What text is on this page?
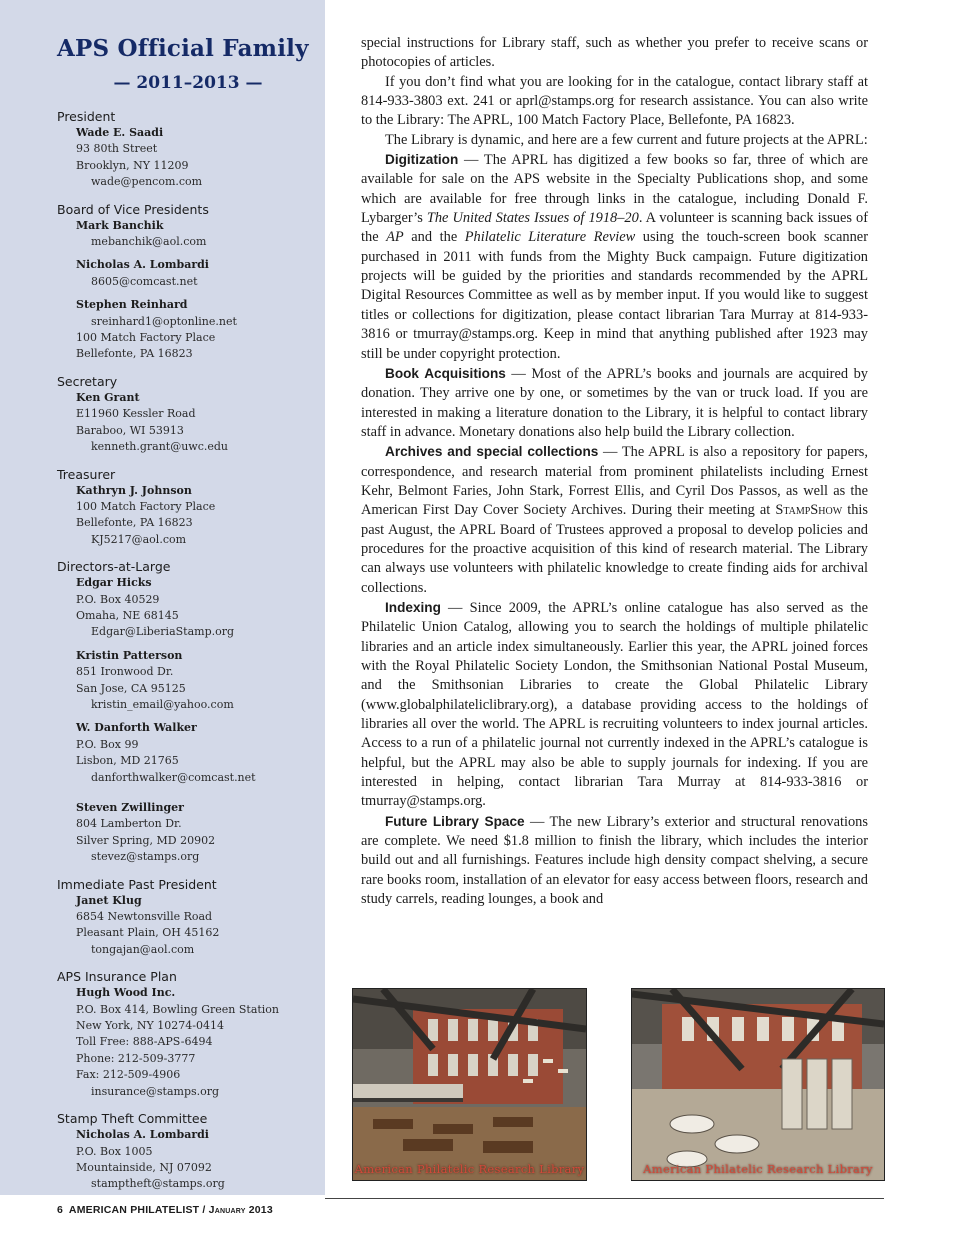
APS Official Family
— 2011–2013 —
President
Wade E. Saadi
93 80th Street
Brooklyn, NY 11209
wade@pencom.com
Board of Vice Presidents
Mark Banchik
mebanchik@aol.com
Nicholas A. Lombardi
8605@comcast.net
Stephen Reinhard
sreinhard1@optonline.net
100 Match Factory Place
Bellefonte, PA 16823
Secretary
Ken Grant
E11960 Kessler Road
Baraboo, WI 53913
kenneth.grant@uwc.edu
Treasurer
Kathryn J. Johnson
100 Match Factory Place
Bellefonte, PA 16823
KJ5217@aol.com
Directors-at-Large
Edgar Hicks
P.O. Box 40529
Omaha, NE 68145
Edgar@LiberiaStamp.org
Kristin Patterson
851 Ironwood Dr.
San Jose, CA 95125
kristin_email@yahoo.com
W. Danforth Walker
P.O. Box 99
Lisbon, MD 21765
danforthwalker@comcast.net
Steven Zwillinger
804 Lamberton Dr.
Silver Spring, MD 20902
stevez@stamps.org
Immediate Past President
Janet Klug
6854 Newtonsville Road
Pleasant Plain, OH 45162
tongajan@aol.com
APS Insurance Plan
Hugh Wood Inc.
P.O. Box 414, Bowling Green Station
New York, NY 10274-0414
Toll Free: 888-APS-6494
Phone: 212-509-3777
Fax: 212-509-4906
insurance@stamps.org
Stamp Theft Committee
Nicholas A. Lombardi
P.O. Box 1005
Mountainside, NJ 07092
stamptheft@stamps.org

special instructions for Library staff, such as whether you prefer to receive scans or photocopies of articles.

If you don’t find what you are looking for in the catalogue, contact library staff at 814-933-3803 ext. 241 or aprl@stamps.org for research assistance. You can also write to the Library: The APRL, 100 Match Factory Place, Bellefonte, PA 16823.

The Library is dynamic, and here are a few current and future projects at the APRL:

Digitization — The APRL has digitized a few books so far, three of which are available for sale on the APS website in the Specialty Publications shop, and some which are available for free through links in the catalogue, including Donald F. Lybarger’s The United States Issues of 1918–20. A volunteer is scanning back issues of the AP and the Philatelic Literature Review using the touch-screen book scanner purchased in 2011 with funds from the Mighty Buck campaign. Future digitization projects will be guided by the priorities and standards recommended by the APRL Digital Resources Committee as well as by member input. If you would like to suggest titles or collections for digitization, please contact librarian Tara Murray at 814-933-3816 or tmurray@stamps.org. Keep in mind that anything published after 1923 may still be under copyright protection.

Book Acquisitions — Most of the APRL’s books and journals are acquired by donation. They arrive one by one, or sometimes by the van or truck load. If you are interested in making a literature donation to the Library, it is helpful to contact library staff in advance. Monetary donations also help build the Library collection.

Archives and special collections — The APRL is also a repository for papers, correspondence, and research material from prominent philatelists including Ernest Kehr, Belmont Faries, John Stark, Forrest Ellis, and Cyril Dos Passos, as well as the American First Day Cover Society Archives. During their meeting at StampShow this past August, the APRL Board of Trustees approved a proposal to develop policies and procedures for the proactive acquisition of this kind of research material. The Library can always use volunteers with philatelic knowledge to create finding aids for archival collections.

Indexing — Since 2009, the APRL’s online catalogue has also served as the Philatelic Union Catalog, allowing you to search the holdings of multiple philatelic libraries and an article index simultaneously. Earlier this year, the APRL joined forces with the Royal Philatelic Society London, the Smithsonian National Postal Museum, and the Smithsonian Libraries to create the Global Philatelic Library (www.globalphilateliclibrary.org), a database providing access to the holdings of libraries all over the world. The APRL is recruiting volunteers to index journal articles. Access to a run of a philatelic journal not currently indexed in the APRL’s catalogue is helpful, but the APRL may also be able to supply journals for indexing. If you are interested in helping, contact librarian Tara Murray at 814-933-3816 or tmurray@stamps.org.

Future Library Space — The new Library’s exterior and structural renovations are complete. We need $1.8 million to finish the library, which includes the interior build out and all furnishings. Features include high density compact shelving, a secure rare books room, installation of an elevator for easy access between floors, research and study carrels, reading lounges, a book and

American Philatelic Research Library	American Philatelic Research Library
6 AMERICAN PHILATELIST / January 2013
